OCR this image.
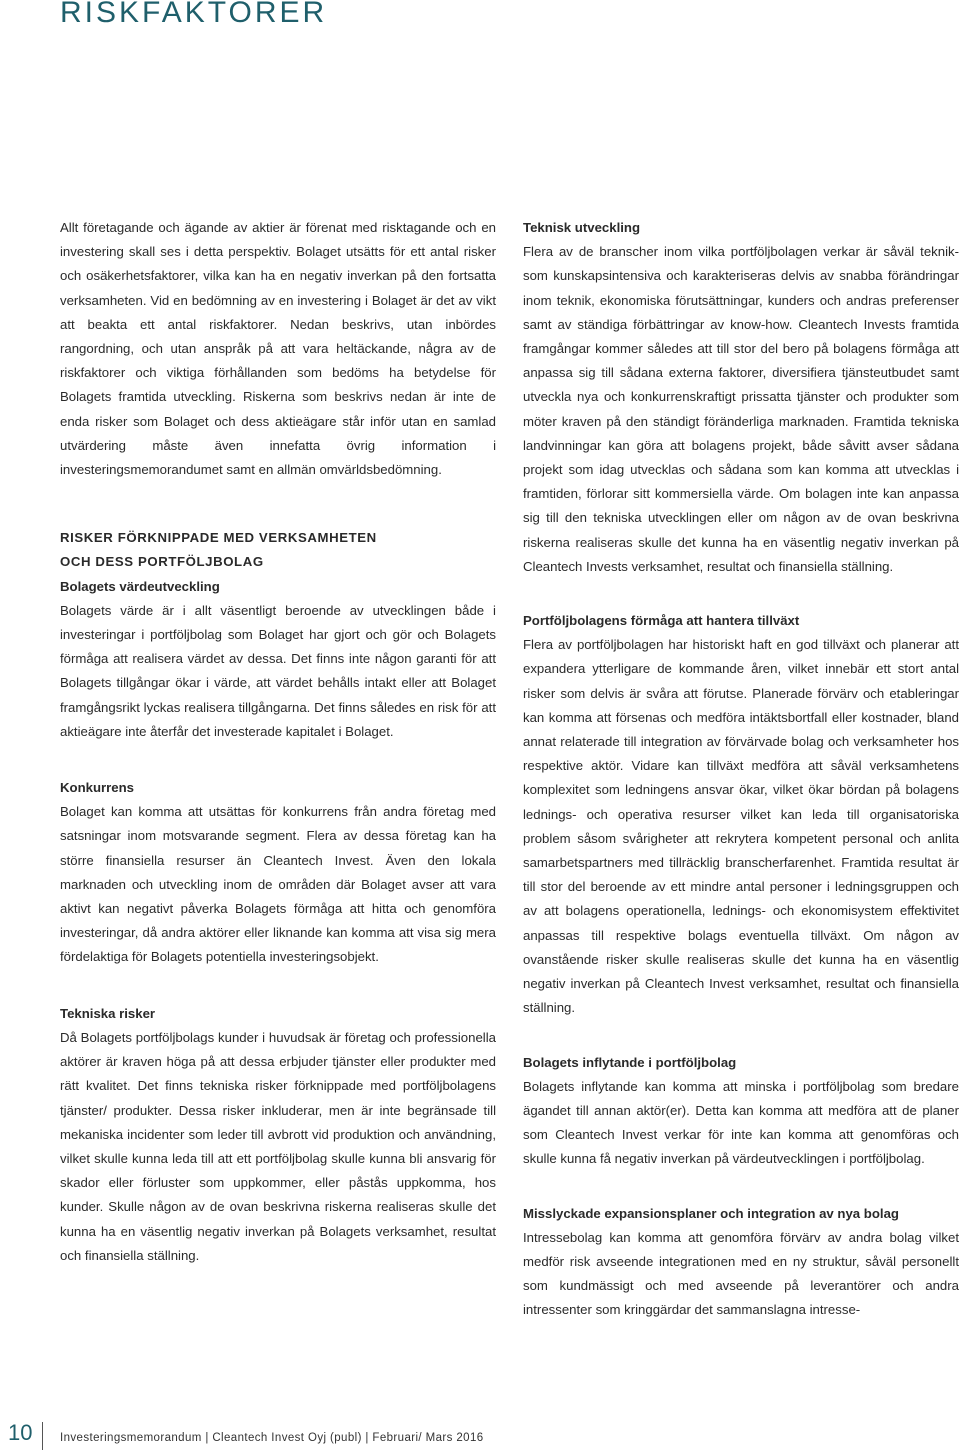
RISKFAKTORER

Allt företagande och ägande av aktier är förenat med risktagande och en investering skall ses i detta perspektiv. Bolaget utsätts för ett antal risker och osäkerhetsfaktorer, vilka kan ha en negativ inverkan på den fortsatta verksamheten. Vid en bedömning av en investering i Bolaget är det av vikt att beakta ett antal riskfaktorer. Nedan beskrivs, utan inbördes rangordning, och utan anspråk på att vara heltäckande, några av de riskfaktorer och viktiga förhållanden som bedöms ha betydelse för Bolagets framtida utveckling. Riskerna som beskrivs nedan är inte de enda risker som Bolaget och dess aktieägare står inför utan en samlad utvärdering måste även innefatta övrig information i investeringsmemorandumet samt en allmän omvärldsbedömning.

RISKER FÖRKNIPPADE MED VERKSAMHETEN

OCH DESS PORTFÖLJBOLAG

Bolagets värdeutveckling

Bolagets värde är i allt väsentligt beroende av utvecklingen både i investeringar i portföljbolag som Bolaget har gjort och gör och Bolagets förmåga att realisera värdet av dessa. Det finns inte någon garanti för att Bolagets tillgångar ökar i värde, att värdet behålls intakt eller att Bolaget framgångsrikt lyckas realisera tillgångarna. Det finns således en risk för att aktieägare inte återfår det investerade kapitalet i Bolaget.

Konkurrens

Bolaget kan komma att utsättas för konkurrens från andra företag med satsningar inom motsvarande segment. Flera av dessa företag kan ha större finansiella resurser än Cleantech Invest. Även den lokala marknaden och utveckling inom de områden där Bolaget avser att vara aktivt kan negativt påverka Bolagets förmåga att hitta och genomföra investeringar, då andra aktörer eller liknande kan komma att visa sig mera fördelaktiga för Bolagets potentiella investeringsobjekt.

Tekniska risker

Då Bolagets portföljbolags kunder i huvudsak är företag och professionella aktörer är kraven höga på att dessa erbjuder tjänster eller produkter med rätt kvalitet. Det finns tekniska risker förknippade med portföljbolagens tjänster/ produkter. Dessa risker inkluderar, men är inte begränsade till mekaniska incidenter som leder till avbrott vid produktion och användning, vilket skulle kunna leda till att ett portföljbolag skulle kunna bli ansvarig för skador eller förluster som uppkommer, eller påstås uppkomma, hos kunder. Skulle någon av de ovan beskrivna riskerna realiseras skulle det kunna ha en väsentlig negativ inverkan på Bolagets verksamhet, resultat och finansiella ställning.

Teknisk utveckling

Flera av de branscher inom vilka portföljbolagen verkar är såväl teknik- som kunskapsintensiva och karakteriseras delvis av snabba förändringar inom teknik, ekonomiska förutsättningar, kunders och andras preferenser samt av ständiga förbättringar av know-how. Cleantech Invests framtida framgångar kommer således att till stor del bero på bolagens förmåga att anpassa sig till sådana externa faktorer, diversifiera tjänsteutbudet samt utveckla nya och konkurrenskraftigt prissatta tjänster och produkter som möter kraven på den ständigt föränderliga marknaden. Framtida tekniska landvinningar kan göra att bolagens projekt, både såvitt avser sådana projekt som idag utvecklas och sådana som kan komma att utvecklas i framtiden, förlorar sitt kommersiella värde. Om bolagen inte kan anpassa sig till den tekniska utvecklingen eller om någon av de ovan beskrivna riskerna realiseras skulle det kunna ha en väsentlig negativ inverkan på Cleantech Invests verksamhet, resultat och finansiella ställning.

Portföljbolagens förmåga att hantera tillväxt

Flera av portföljbolagen har historiskt haft en god tillväxt och planerar att expandera ytterligare de kommande åren, vilket innebär ett stort antal risker som delvis är svåra att förutse. Planerade förvärv och etableringar kan komma att försenas och medföra intäktsbortfall eller kostnader, bland annat relaterade till integration av förvärvade bolag och verksamheter hos respektive aktör. Vidare kan tillväxt medföra att såväl verksamhetens komplexitet som ledningens ansvar ökar, vilket ökar bördan på bolagens lednings- och operativa resurser vilket kan leda till organisatoriska problem såsom svårigheter att rekrytera kompetent personal och anlita samarbetspartners med tillräcklig branscherfarenhet. Framtida resultat är till stor del beroende av ett mindre antal personer i ledningsgruppen och av att bolagens operationella, lednings- och ekonomisystem effektivitet anpassas till respektive bolags eventuella tillväxt. Om någon av ovanstående risker skulle realiseras skulle det kunna ha en väsentlig negativ inverkan på Cleantech Invest verksamhet, resultat och finansiella ställning.

Bolagets inflytande i portföljbolag

Bolagets inflytande kan komma att minska i portföljbolag som bredare ägandet till annan aktör(er). Detta kan komma att medföra att de planer som Cleantech Invest verkar för inte kan komma att genomföras och skulle kunna få negativ inverkan på värdeutvecklingen i portföljbolag.

Misslyckade expansionsplaner och integration av nya bolag

Intressebolag kan komma att genomföra förvärv av andra bolag vilket medför risk avseende integrationen med en ny struktur, såväl personellt som kundmässigt och med avseende på leverantörer och andra intressenter som kringgärdar det sammanslagna intresse-

10 Investeringsmemorandum | Cleantech Invest Oyj (publ) | Februari/ Mars 2016
